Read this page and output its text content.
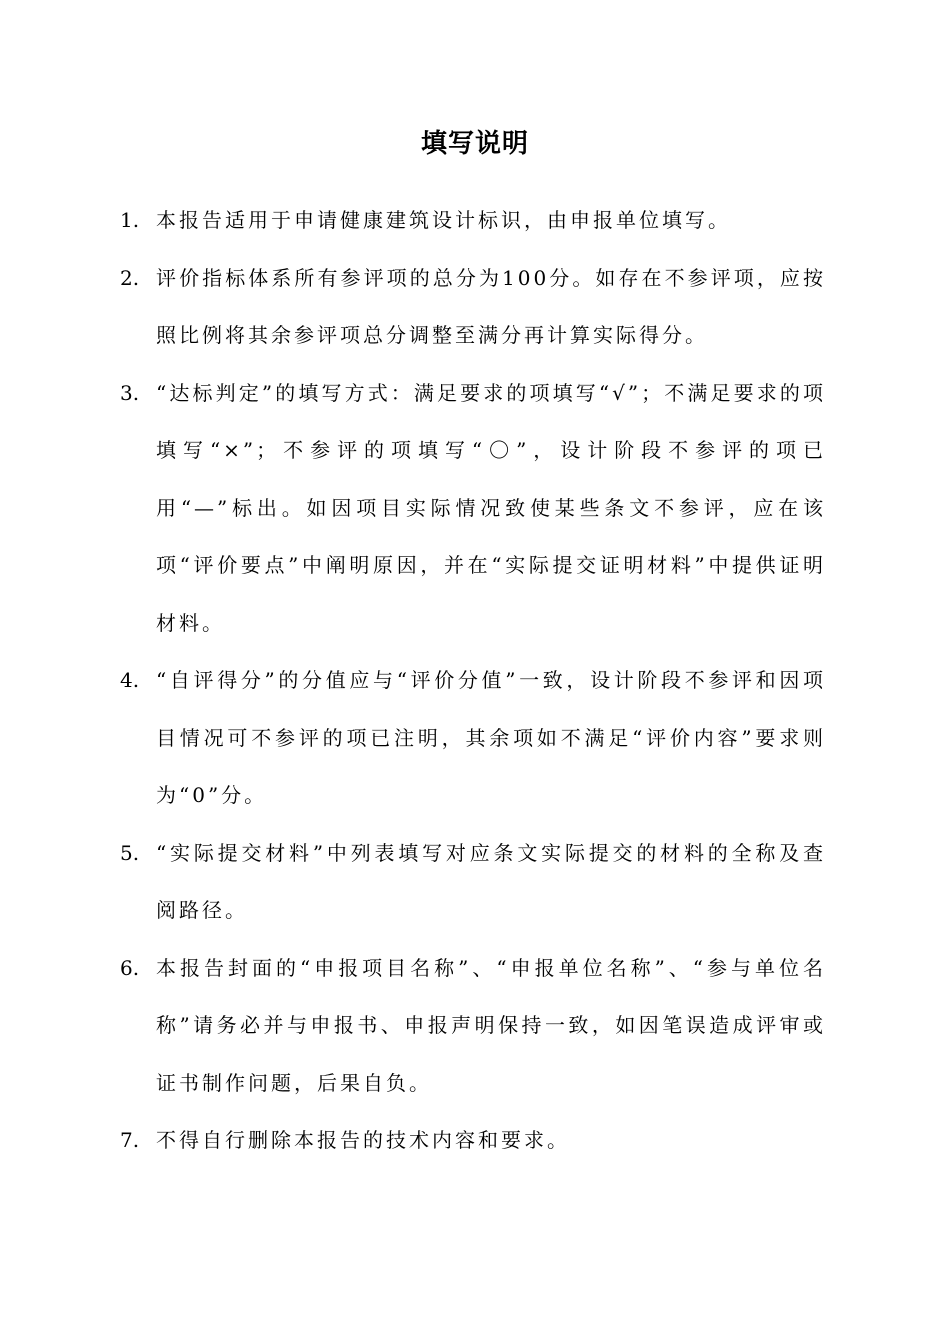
填写说明
1. 本报告适用于申请健康建筑设计标识，由申报单位填写。
2. 评价指标体系所有参评项的总分为100分。如存在不参评项，应按照比例将其余参评项总分调整至满分再计算实际得分。
3. “达标判定”的填写方式：满足要求的项填写“√”；不满足要求的项填写“×”；不参评的项填写“〇”，设计阶段不参评的项已用“—”标出。如因项目实际情况致使某些条文不参评，应在该项“评价要点”中阐明原因，并在“实际提交证明材料”中提供证明材料。
4. “自评得分”的分值应与“评价分值”一致，设计阶段不参评和因项目情况可不参评的项已注明，其余项如不满足“评价内容”要求则为“0”分。
5. “实际提交材料”中列表填写对应条文实际提交的材料的全称及查阅路径。
6. 本报告封面的“申报项目名称”、“申报单位名称”、“参与单位名称”请务必并与申报书、申报声明保持一致，如因笔误造成评审或证书制作问题，后果自负。
7. 不得自行删除本报告的技术内容和要求。
